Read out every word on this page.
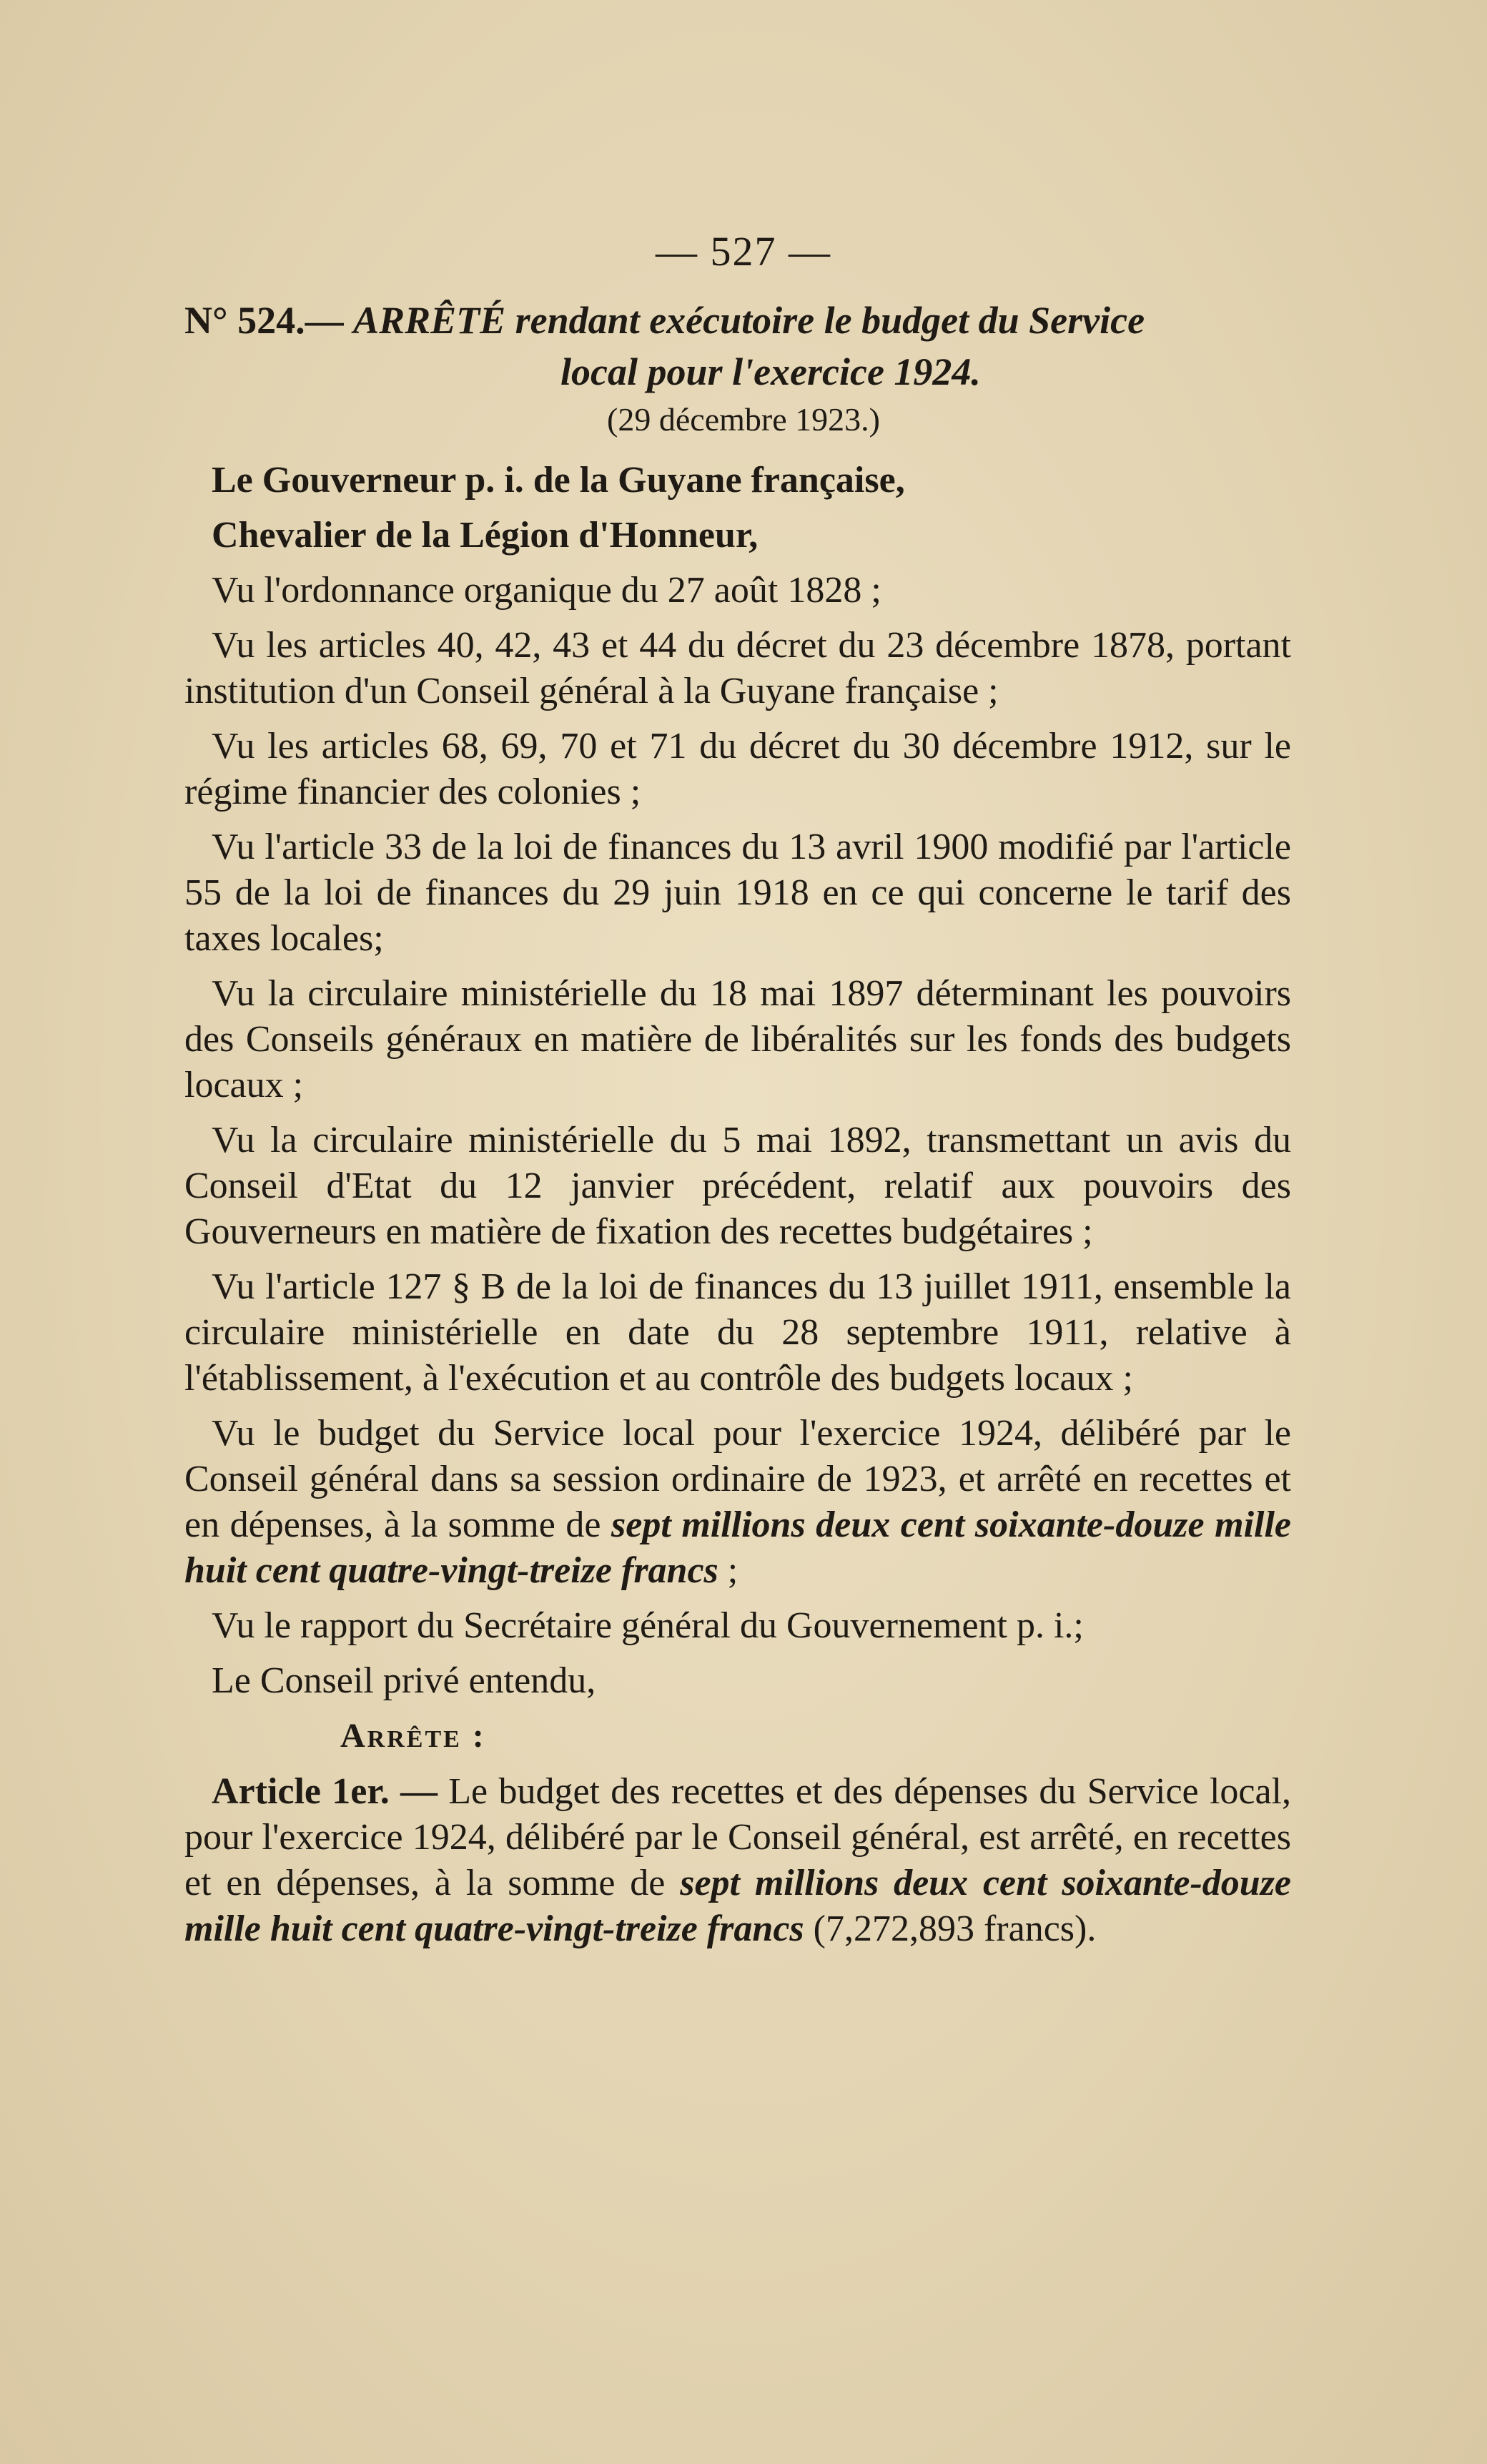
— 527 —
N° 524.— ARRÊTÉ rendant exécutoire le budget du Service
local pour l'exercice 1924.
(29 décembre 1923.)

Le Gouverneur p. i. de la Guyane française,

Chevalier de la Légion d'Honneur,

Vu l'ordonnance organique du 27 août 1828 ;

Vu les articles 40, 42, 43 et 44 du décret du 23 décembre 1878, portant institution d'un Conseil général à la Guyane française ;

Vu les articles 68, 69, 70 et 71 du décret du 30 décembre 1912, sur le régime financier des colonies ;

Vu l'article 33 de la loi de finances du 13 avril 1900 modifié par l'article 55 de la loi de finances du 29 juin 1918 en ce qui concerne le tarif des taxes locales;

Vu la circulaire ministérielle du 18 mai 1897 déterminant les pouvoirs des Conseils généraux en matière de libéralités sur les fonds des budgets locaux ;

Vu la circulaire ministérielle du 5 mai 1892, transmettant un avis du Conseil d'Etat du 12 janvier précédent, relatif aux pouvoirs des Gouverneurs en matière de fixation des recettes budgétaires ;

Vu l'article 127 § B de la loi de finances du 13 juillet 1911, ensemble la circulaire ministérielle en date du 28 septembre 1911, relative à l'établissement, à l'exécution et au contrôle des budgets locaux ;

Vu le budget du Service local pour l'exercice 1924, délibéré par le Conseil général dans sa session ordinaire de 1923, et arrêté en recettes et en dépenses, à la somme de sept millions deux cent soixante-douze mille huit cent quatre-vingt-treize francs ;

Vu le rapport du Secrétaire général du Gouvernement p. i.;

Le Conseil privé entendu,

Arrête :

Article 1er. — Le budget des recettes et des dépenses du Service local, pour l'exercice 1924, délibéré par le Conseil général, est arrêté, en recettes et en dépenses, à la somme de sept millions deux cent soixante-douze mille huit cent quatre-vingt-treize francs (7,272,893 francs).
